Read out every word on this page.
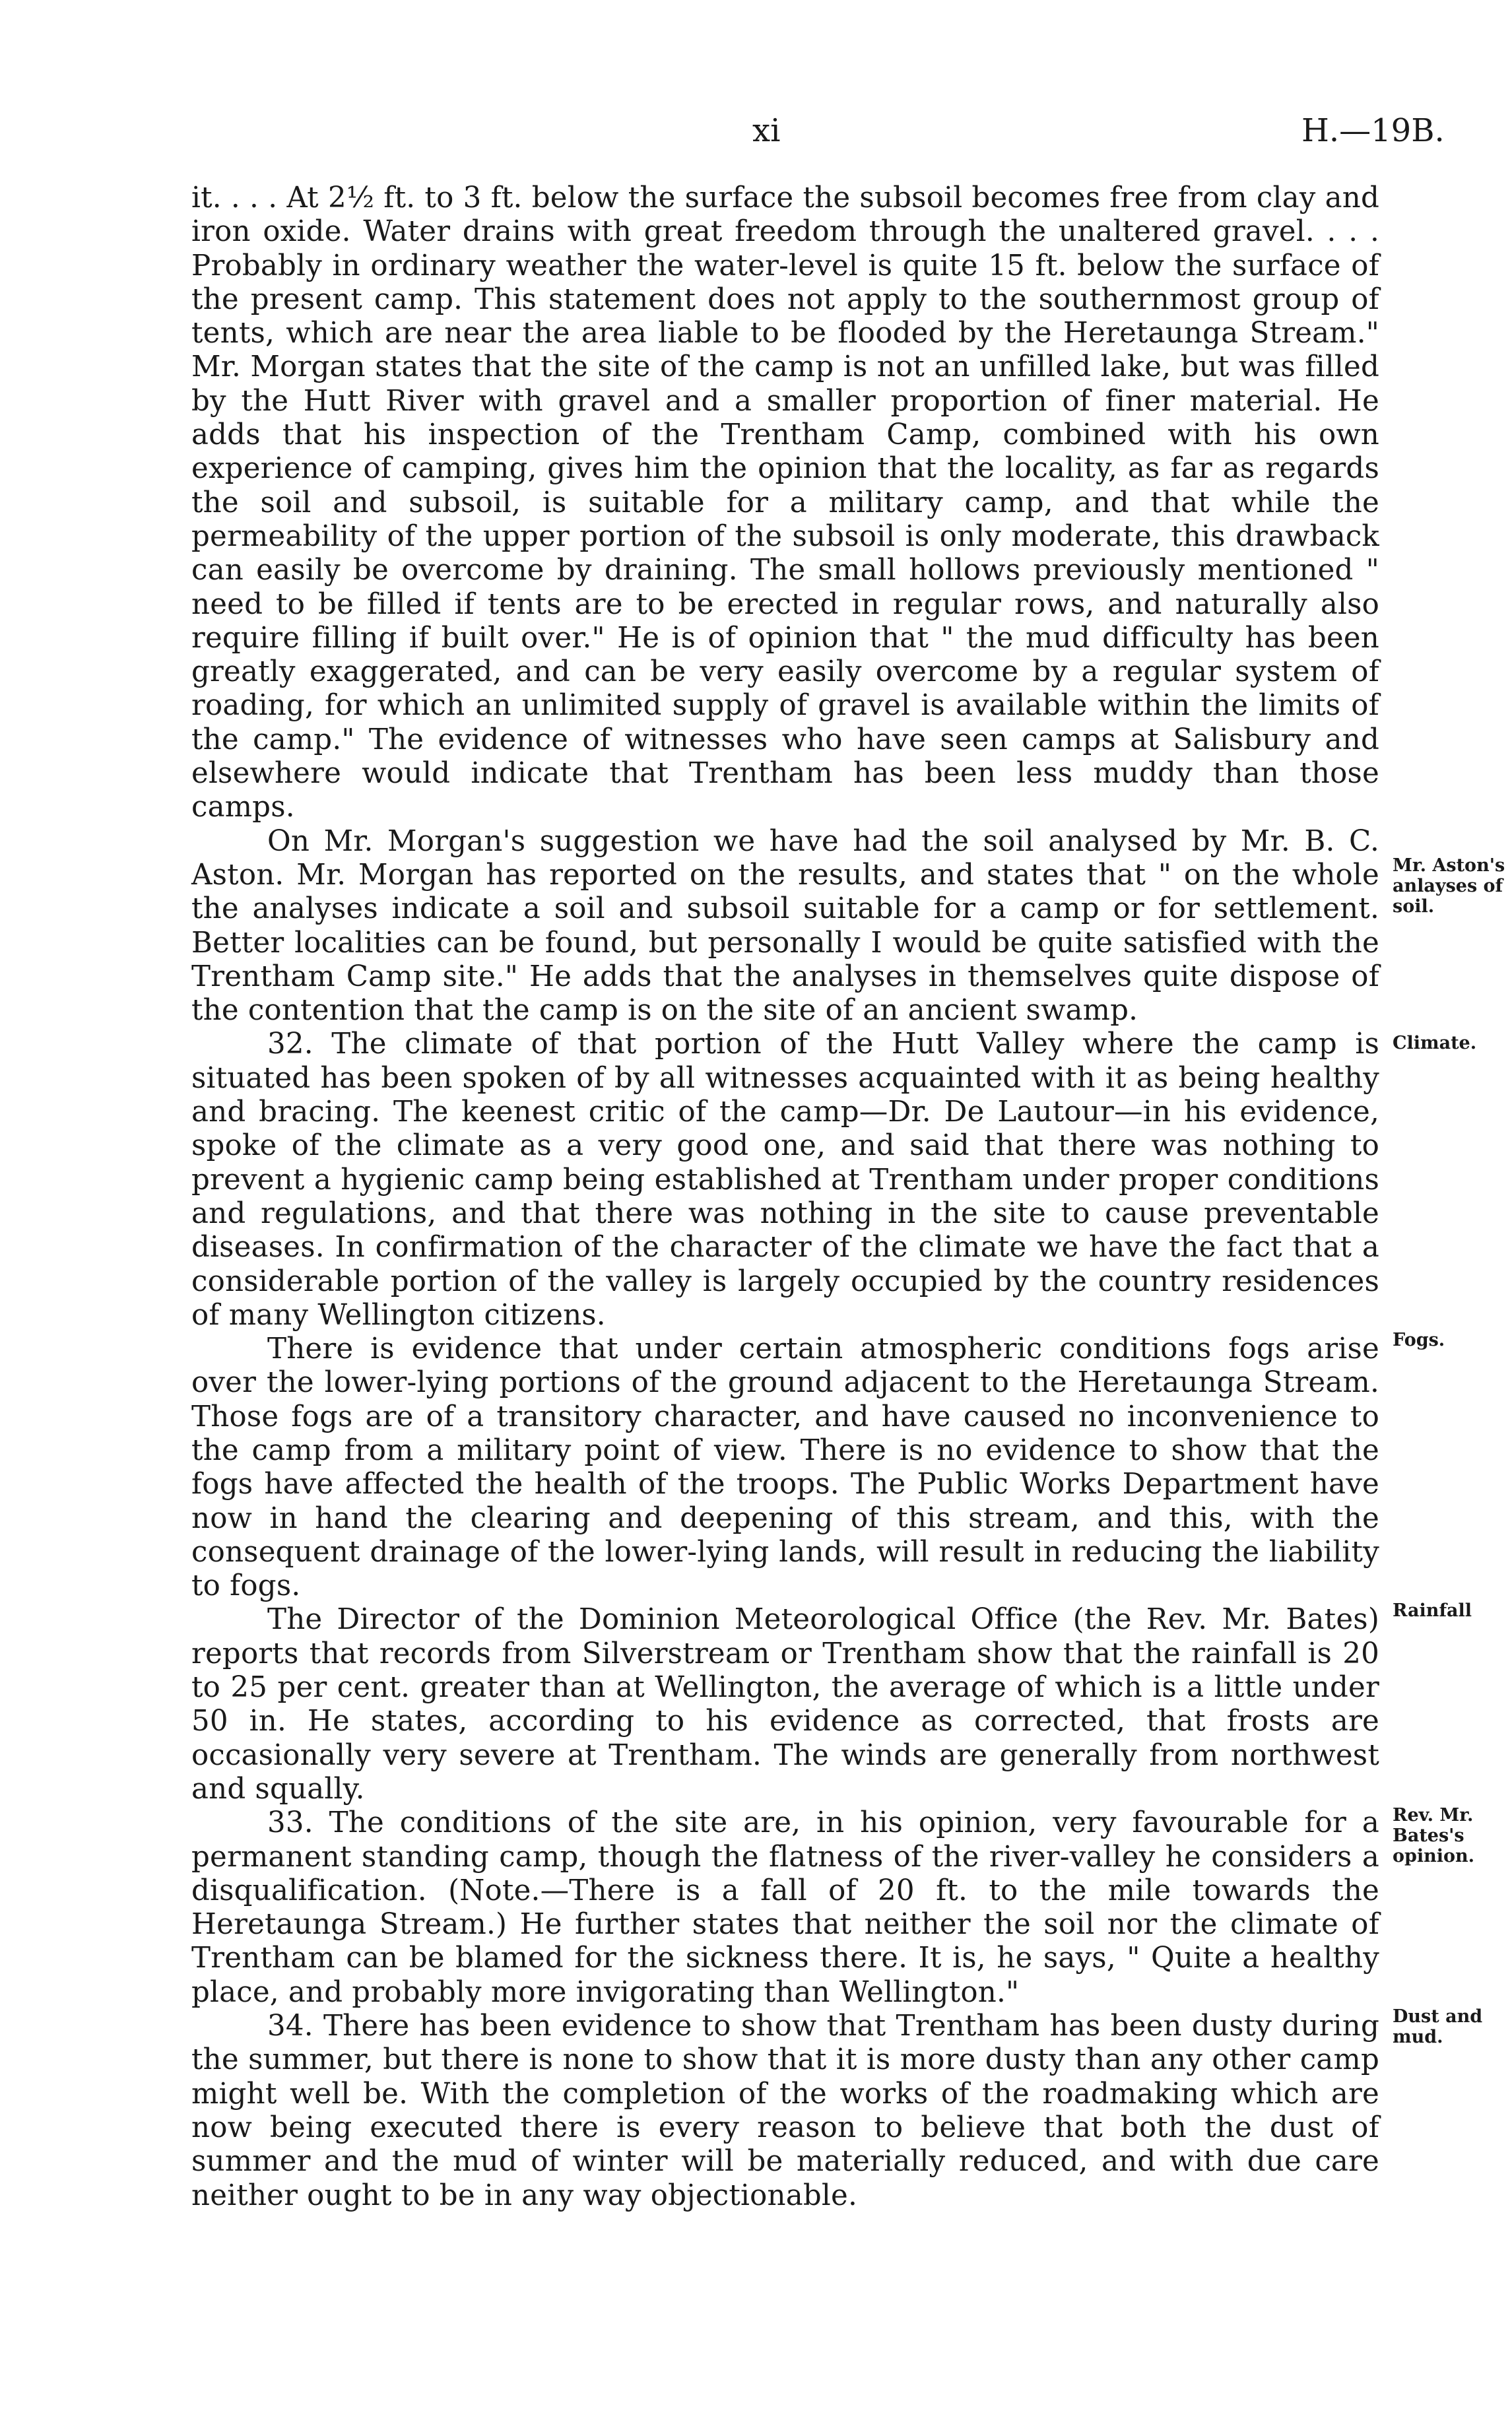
xi	H.—19B.

it. . . . At 2½ ft. to 3 ft. below the surface the subsoil becomes free from clay and iron oxide. Water drains with great freedom through the unaltered gravel. . . . Probably in ordinary weather the water-level is quite 15 ft. below the surface of the present camp. This statement does not apply to the southernmost group of tents, which are near the area liable to be flooded by the Heretaunga Stream." Mr. Morgan states that the site of the camp is not an unfilled lake, but was filled by the Hutt River with gravel and a smaller proportion of finer material. He adds that his inspection of the Trentham Camp, combined with his own experience of camping, gives him the opinion that the locality, as far as regards the soil and subsoil, is suitable for a military camp, and that while the permeability of the upper portion of the subsoil is only moderate, this drawback can easily be overcome by draining. The small hollows previously mentioned " need to be filled if tents are to be erected in regular rows, and naturally also require filling if built over." He is of opinion that " the mud difficulty has been greatly exaggerated, and can be very easily overcome by a regular system of roading, for which an unlimited supply of gravel is available within the limits of the camp." The evidence of witnesses who have seen camps at Salisbury and elsewhere would indicate that Trentham has been less muddy than those camps.

On Mr. Morgan's suggestion we have had the soil analysed by Mr. B. C. Aston. Mr. Morgan has reported on the results, and states that " on the whole the analyses indicate a soil and subsoil suitable for a camp or for settlement. Better localities can be found, but personally I would be quite satisfied with the Trentham Camp site." He adds that the analyses in themselves quite dispose of the contention that the camp is on the site of an ancient swamp.

32. The climate of that portion of the Hutt Valley where the camp is situated has been spoken of by all witnesses acquainted with it as being healthy and bracing. The keenest critic of the camp—Dr. De Lautour—in his evidence, spoke of the climate as a very good one, and said that there was nothing to prevent a hygienic camp being established at Trentham under proper conditions and regulations, and that there was nothing in the site to cause preventable diseases. In confirmation of the character of the climate we have the fact that a considerable portion of the valley is largely occupied by the country residences of many Wellington citizens.

There is evidence that under certain atmospheric conditions fogs arise over the lower-lying portions of the ground adjacent to the Heretaunga Stream. Those fogs are of a transitory character, and have caused no inconvenience to the camp from a military point of view. There is no evidence to show that the fogs have affected the health of the troops. The Public Works Department have now in hand the clearing and deepening of this stream, and this, with the consequent drainage of the lower-lying lands, will result in reducing the liability to fogs.

The Director of the Dominion Meteorological Office (the Rev. Mr. Bates) reports that records from Silverstream or Trentham show that the rainfall is 20 to 25 per cent. greater than at Wellington, the average of which is a little under 50 in. He states, according to his evidence as corrected, that frosts are occasionally very severe at Trentham. The winds are generally from northwest and squally.

33. The conditions of the site are, in his opinion, very favourable for a permanent standing camp, though the flatness of the river-valley he considers a disqualification. (Note.—There is a fall of 20 ft. to the mile towards the Heretaunga Stream.) He further states that neither the soil nor the climate of Trentham can be blamed for the sickness there. It is, he says, " Quite a healthy place, and probably more invigorating than Wellington."

34. There has been evidence to show that Trentham has been dusty during the summer, but there is none to show that it is more dusty than any other camp might well be. With the completion of the works of the roadmaking which are now being executed there is every reason to believe that both the dust of summer and the mud of winter will be materially reduced, and with due care neither ought to be in any way objectionable.

Mr. Aston's anlayses of soil.
Climate.
Fogs.
Rainfall
Rev. Mr. Bates's opinion.
Dust and mud.
